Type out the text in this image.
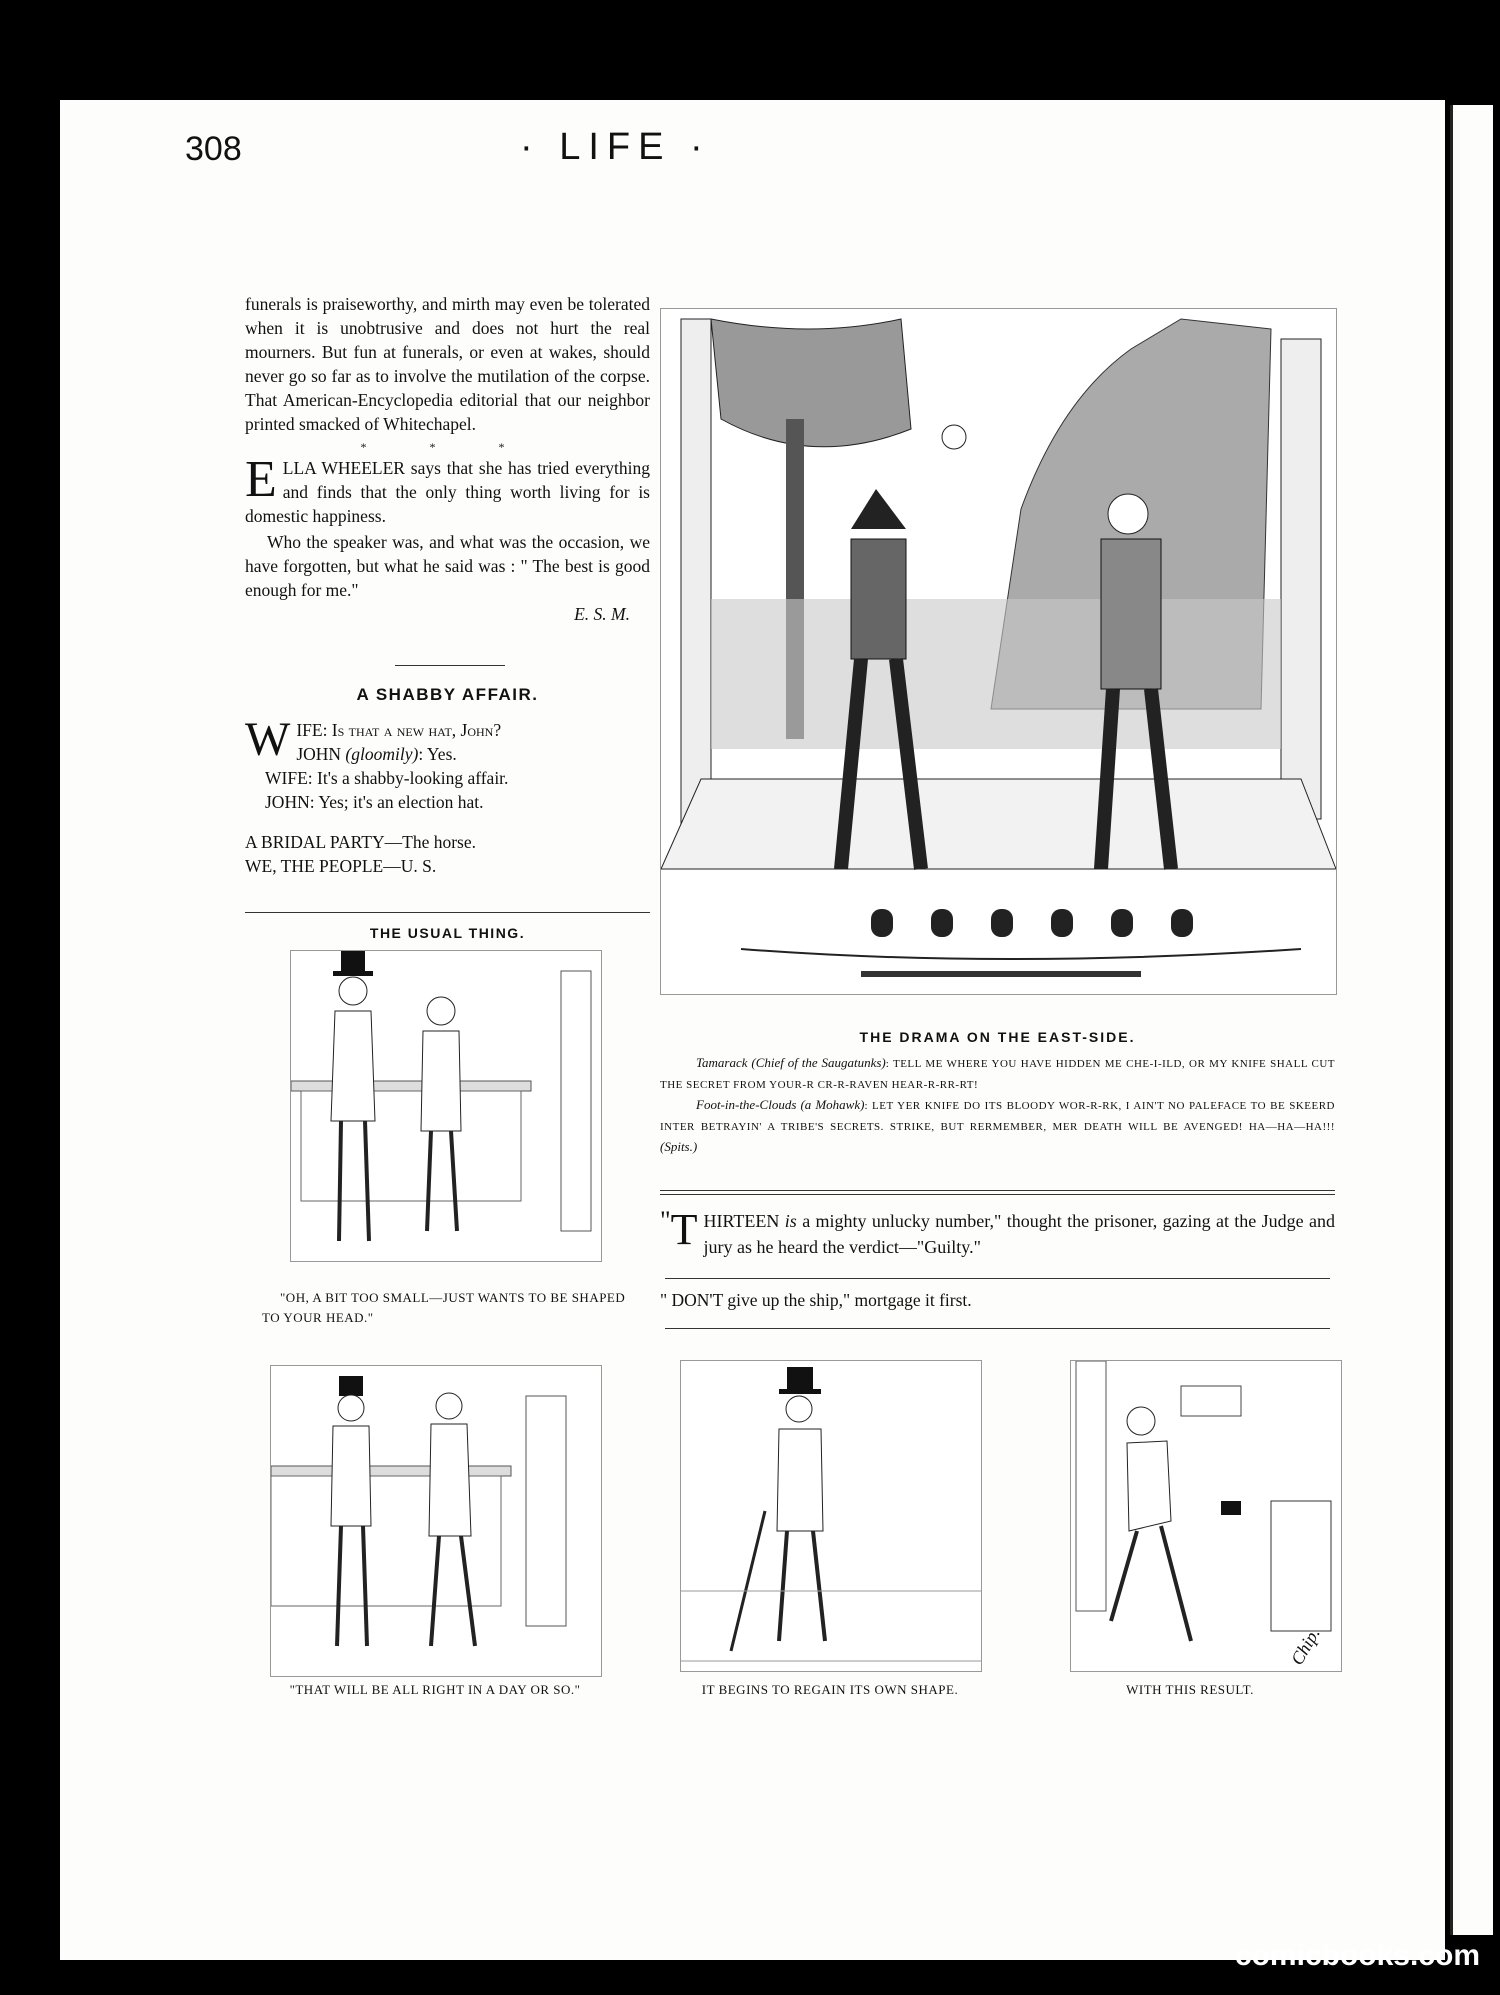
308	· LIFE ·

funerals is praiseworthy, and mirth may even be tolerated when it is unobtrusive and does not hurt the real mourners. But fun at funerals, or even at wakes, should never go so far as to involve the mutilation of the corpse. That American-Encyclopedia editorial that our neighbor printed smacked of Whitechapel.

* * *

ELLA WHEELER says that she has tried everything and finds that the only thing worth living for is domestic happiness.

Who the speaker was, and what was the occasion, we have forgotten, but what he said was : " The best is good enough for me."

E. S. M.

A SHABBY AFFAIR.

WIFE: Is that a new hat, John?

JOHN (gloomily): Yes.

WIFE: It's a shabby-looking affair.

JOHN: Yes; it's an election hat.

A BRIDAL PARTY—The horse.

WE, THE PEOPLE—U. S.

THE USUAL THING.
"OH, A BIT TOO SMALL—JUST WANTS TO BE SHAPED TO YOUR HEAD."
"THAT WILL BE ALL RIGHT IN A DAY OR SO."
THE DRAMA ON THE EAST-SIDE.

Tamarack (Chief of the Saugatunks): TELL ME WHERE YOU HAVE HIDDEN ME CHE-I-ILD, OR MY KNIFE SHALL CUT THE SECRET FROM YOUR-R CR-R-RAVEN HEAR-R-RR-RT!

Foot-in-the-Clouds (a Mohawk): LET YER KNIFE DO ITS BLOODY WOR-R-RK, I AIN'T NO PALEFACE TO BE SKEERD INTER BETRAYIN' A TRIBE'S SECRETS. STRIKE, BUT RERMEMBER, MER DEATH WILL BE AVENGED! HA—HA—HA!!! (Spits.)

" T HIRTEEN is a mighty unlucky number," thought the prisoner, gazing at the Judge and jury as he heard the verdict—"Guilty."
" DON'T give up the ship," mortgage it first.
IT BEGINS TO REGAIN ITS OWN SHAPE.
Chip.
WITH THIS RESULT.
comicbooks.com
